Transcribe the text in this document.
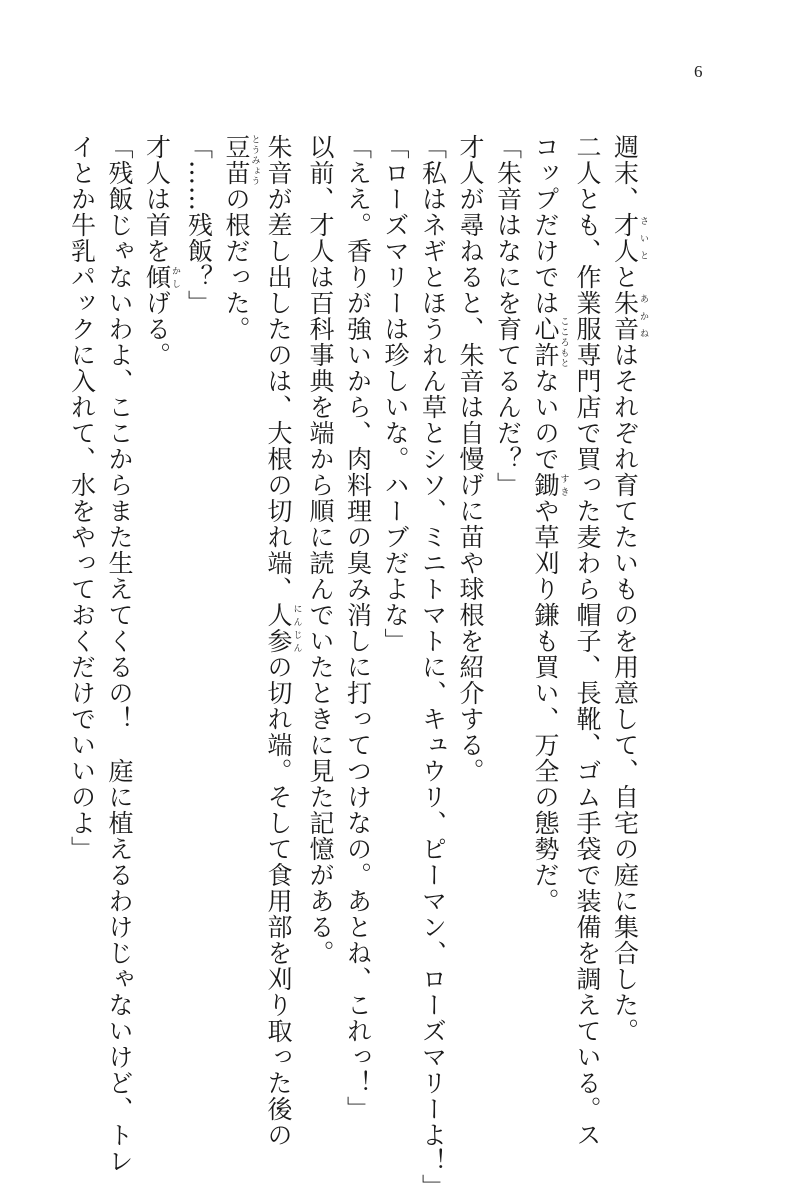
6
週末、才人さいとと朱音あかねはそれぞれ育てたいものを用意して、自宅の庭に集合した。
二人とも、作業服専門店で買った麦わら帽子、長靴、ゴム手袋で装備を調えている。ス
コップだけでは心許こころもとないので鋤すきや草刈り鎌も買い、万全の態勢だ。
「朱音はなにを育てるんだ？」
才人が尋ねると、朱音は自慢げに苗や球根を紹介する。
「私はネギとほうれん草とシソ、ミニトマトに、キュウリ、ピーマン、ローズマリーよ！」
「ローズマリーは珍しいな。ハーブだよな」
「ええ。香りが強いから、肉料理の臭み消しに打ってつけなの。あとね、これっ！」
以前、才人は百科事典を端から順に読んでいたときに見た記憶がある。
朱音が差し出したのは、大根の切れ端、人参にんじんの切れ端。そして食用部を刈り取った後の
豆苗とうみょうの根だった。
「……残飯？」
才人は首を傾かしげる。
「残飯じゃないわよ、ここからまた生えてくるの！　庭に植えるわけじゃないけど、トレ
イとか牛乳パックに入れて、水をやっておくだけでいいのよ」
